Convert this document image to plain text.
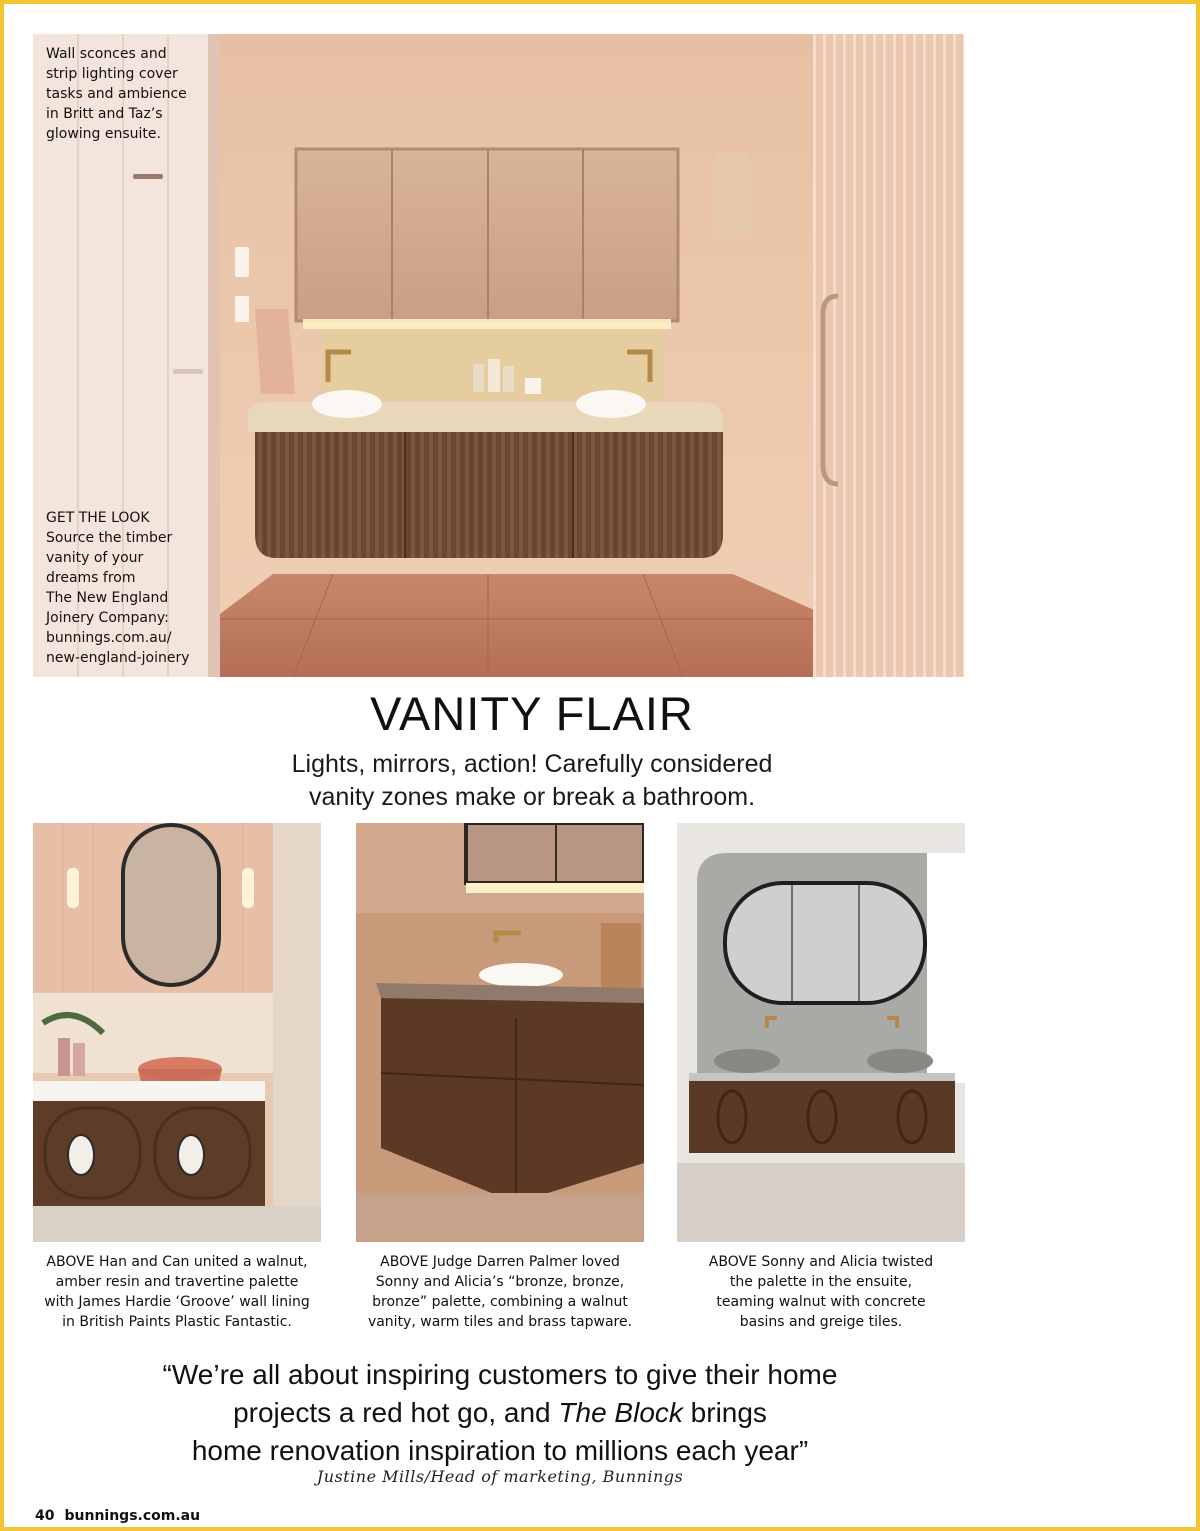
Wall sconces and
strip lighting cover
tasks and ambience
in Britt and Taz’s
glowing ensuite.
GET THE LOOK
Source the timber
vanity of your
dreams from
The New England
Joinery Company:
bunnings.com.au/
new-england-joinery
VANITY FLAIR
Lights, mirrors, action! Carefully considered
vanity zones make or break a bathroom.
ABOVE Han and Can united a walnut,
amber resin and travertine palette
with James Hardie ‘Groove’ wall lining
in British Paints Plastic Fantastic.
ABOVE Judge Darren Palmer loved
Sonny and Alicia’s “bronze, bronze,
bronze” palette, combining a walnut
vanity, warm tiles and brass tapware.
ABOVE Sonny and Alicia twisted
the palette in the ensuite,
teaming walnut with concrete
basins and greige tiles.
“We’re all about inspiring customers to give their home
projects a red hot go, and The Block brings
home renovation inspiration to millions each year”
Justine Mills/Head of marketing, Bunnings
40 bunnings.com.au
